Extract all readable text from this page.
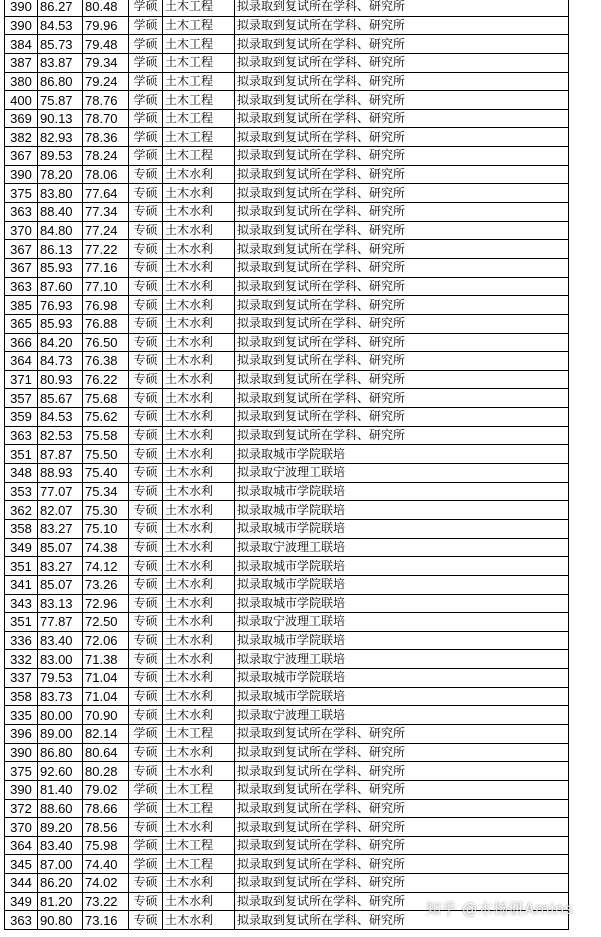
390	86.27	80.48	学硕	土木工程	拟录取到复试所在学科、研究所
390	84.53	79.96	学硕	土木工程	拟录取到复试所在学科、研究所
384	85.73	79.48	学硕	土木工程	拟录取到复试所在学科、研究所
387	83.87	79.34	学硕	土木工程	拟录取到复试所在学科、研究所
380	86.80	79.24	学硕	土木工程	拟录取到复试所在学科、研究所
400	75.87	78.76	学硕	土木工程	拟录取到复试所在学科、研究所
369	90.13	78.70	学硕	土木工程	拟录取到复试所在学科、研究所
382	82.93	78.36	学硕	土木工程	拟录取到复试所在学科、研究所
367	89.53	78.24	学硕	土木工程	拟录取到复试所在学科、研究所
390	78.20	78.06	专硕	土木水利	拟录取到复试所在学科、研究所
375	83.80	77.64	专硕	土木水利	拟录取到复试所在学科、研究所
363	88.40	77.34	专硕	土木水利	拟录取到复试所在学科、研究所
370	84.80	77.24	专硕	土木水利	拟录取到复试所在学科、研究所
367	86.13	77.22	专硕	土木水利	拟录取到复试所在学科、研究所
367	85.93	77.16	专硕	土木水利	拟录取到复试所在学科、研究所
363	87.60	77.10	专硕	土木水利	拟录取到复试所在学科、研究所
385	76.93	76.98	专硕	土木水利	拟录取到复试所在学科、研究所
365	85.93	76.88	专硕	土木水利	拟录取到复试所在学科、研究所
366	84.20	76.50	专硕	土木水利	拟录取到复试所在学科、研究所
364	84.73	76.38	专硕	土木水利	拟录取到复试所在学科、研究所
371	80.93	76.22	专硕	土木水利	拟录取到复试所在学科、研究所
357	85.67	75.68	专硕	土木水利	拟录取到复试所在学科、研究所
359	84.53	75.62	专硕	土木水利	拟录取到复试所在学科、研究所
363	82.53	75.58	专硕	土木水利	拟录取到复试所在学科、研究所
351	87.87	75.50	专硕	土木水利	拟录取城市学院联培
348	88.93	75.40	专硕	土木水利	拟录取宁波理工联培
353	77.07	75.34	专硕	土木水利	拟录取城市学院联培
362	82.07	75.30	专硕	土木水利	拟录取城市学院联培
358	83.27	75.10	专硕	土木水利	拟录取城市学院联培
349	85.07	74.38	专硕	土木水利	拟录取宁波理工联培
351	83.27	74.12	专硕	土木水利	拟录取城市学院联培
341	85.07	73.26	专硕	土木水利	拟录取城市学院联培
343	83.13	72.96	专硕	土木水利	拟录取城市学院联培
351	77.87	72.50	专硕	土木水利	拟录取宁波理工联培
336	83.40	72.06	专硕	土木水利	拟录取城市学院联培
332	83.00	71.38	专硕	土木水利	拟录取宁波理工联培
337	79.53	71.04	专硕	土木水利	拟录取城市学院联培
358	83.73	71.04	专硕	土木水利	拟录取城市学院联培
335	80.00	70.90	专硕	土木水利	拟录取宁波理工联培
396	89.00	82.14	学硕	土木工程	拟录取到复试所在学科、研究所
390	86.80	80.64	专硕	土木水利	拟录取到复试所在学科、研究所
375	92.60	80.28	专硕	土木水利	拟录取到复试所在学科、研究所
390	81.40	79.02	学硕	土木工程	拟录取到复试所在学科、研究所
372	88.60	78.66	学硕	土木工程	拟录取到复试所在学科、研究所
370	89.20	78.56	专硕	土木水利	拟录取到复试所在学科、研究所
364	83.40	75.98	学硕	土木工程	拟录取到复试所在学科、研究所
345	87.00	74.40	学硕	土木工程	拟录取到复试所在学科、研究所
344	86.20	74.02	专硕	土木水利	拟录取到复试所在学科、研究所
349	81.20	73.22	专硕	土木水利	拟录取到复试所在学科、研究所
363	90.80	73.16	专硕	土木水利	拟录取到复试所在学科、研究所
知乎 @木杨研Amins
